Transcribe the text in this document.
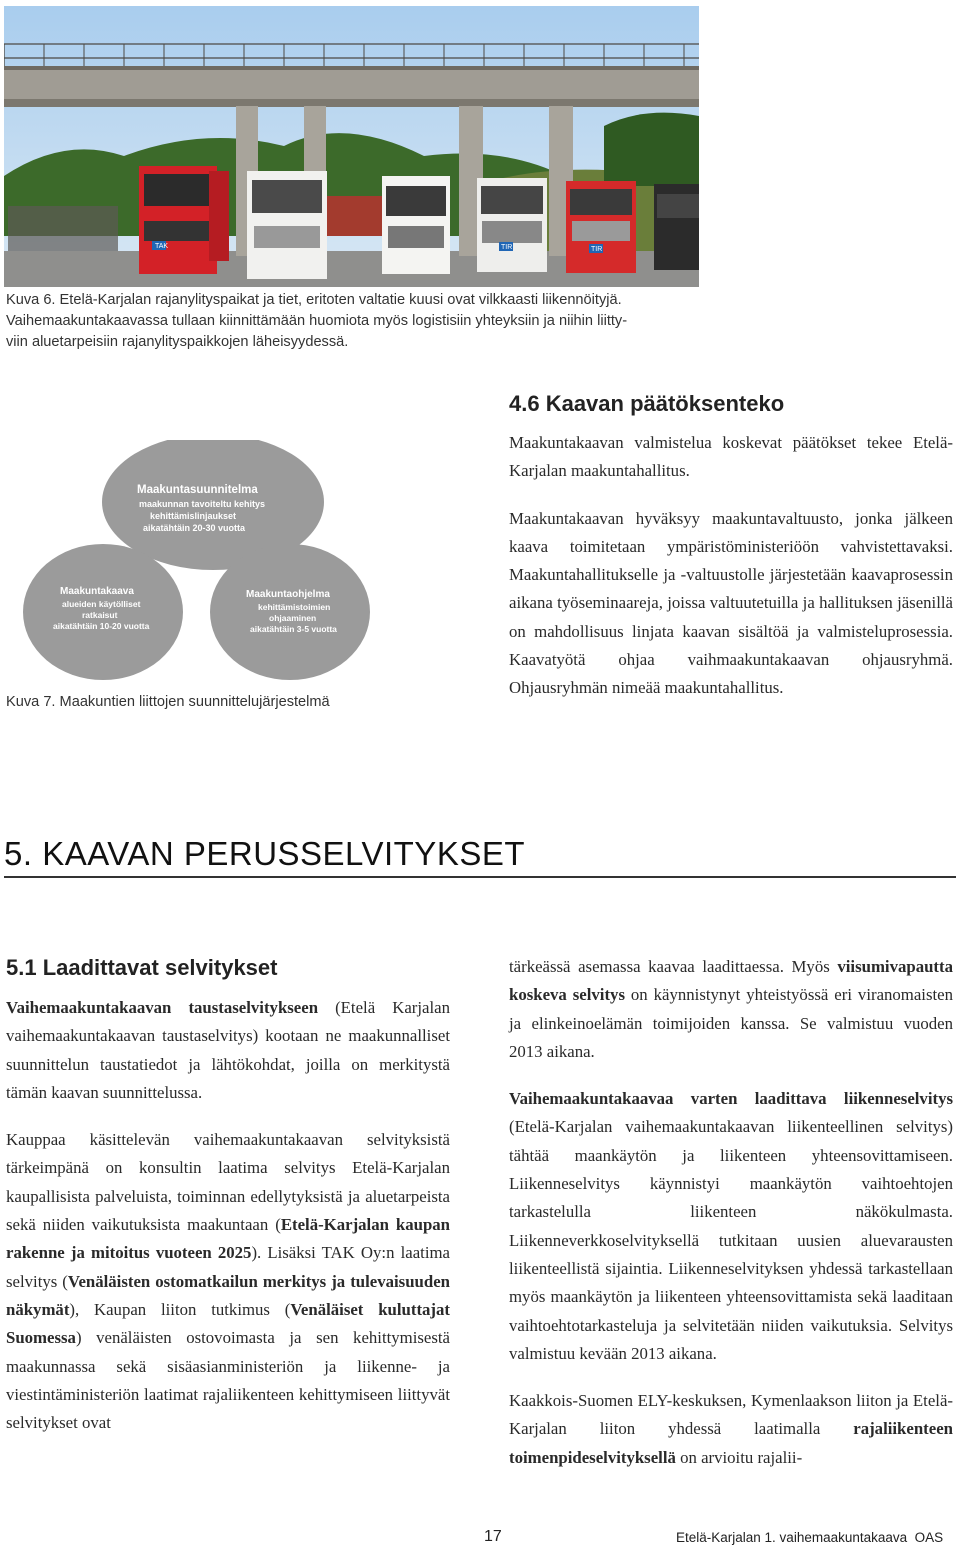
TAK	TIR	TIR

Kuva 6. Etelä-Karjalan rajanylityspaikat ja tiet, eritoten valtatie kuusi ovat vilkkaasti liikennöityjä.

Vaihemaakuntakaavassa tullaan kiinnittämään huomiota myös logistisiin yhteyksiin ja niihin liitty-

viin aluetarpeisiin rajanylityspaikkojen läheisyydessä.

Maakuntasuunnitelma
maakunnan tavoiteltu kehitys
kehittämislinjaukset
aikatähtäin 20-30 vuotta
Maakuntakaava
alueiden käytölliset
ratkaisut
aikatähtäin 10-20 vuotta
Maakuntaohjelma
kehittämistoimien
ohjaaminen
aikatähtäin 3-5 vuotta
Kuva 7. Maakuntien liittojen suunnittelujärjestelmä
4.6 Kaavan päätöksenteko

Maakuntakaavan valmistelua koskevat päätökset tekee Etelä-Karjalan maakuntahallitus.

Maakuntakaavan hyväksyy maakuntavaltuusto, jonka jälkeen kaava toimitetaan ympäristöministeriöön vahvistettavaksi. Maakuntahallitukselle ja -valtuustolle järjestetään kaavaprosessin aikana työseminaareja, joissa valtuutetuilla ja hallituksen jäsenillä on mahdollisuus linjata kaavan sisältöä ja valmisteluprosessia. Kaavatyötä ohjaa vaihmaakuntakaavan ohjausryhmä. Ohjausryhmän nimeää maakuntahallitus.

5. KAAVAN PERUSSELVITYKSET
5.1 Laadittavat selvitykset

Vaihemaakuntakaavan taustaselvitykseen (Etelä Karjalan vaihemaakuntakaavan taustaselvitys) kootaan ne maakunnalliset suunnittelun taustatiedot ja lähtökohdat, joilla on merkitystä tämän kaavan suunnittelussa.

Kauppaa käsittelevän vaihemaakuntakaavan selvityksistä tärkeimpänä on konsultin laatima selvitys Etelä-Karjalan kaupallisista palveluista, toiminnan edellytyksistä ja aluetarpeista sekä niiden vaikutuksista maakuntaan (Etelä-Karjalan kaupan rakenne ja mitoitus vuoteen 2025). Lisäksi TAK Oy:n laatima selvitys (Venäläisten ostomatkailun merkitys ja tulevaisuuden näkymät), Kaupan liiton tutkimus (Venäläiset kuluttajat Suomessa) venäläisten ostovoimasta ja sen kehittymisestä maakunnassa sekä sisäasianministeriön ja liikenne- ja viestintäministeriön laatimat rajaliikenteen kehittymiseen liittyvät selvitykset ovat

tärkeässä asemassa kaavaa laadittaessa. Myös viisumivapautta koskeva selvitys on käynnistynyt yhteistyössä eri viranomaisten ja elinkeinoelämän toimijoiden kanssa. Se valmistuu vuoden 2013 aikana.

Vaihemaakuntakaavaa varten laadittava liikenneselvitys (Etelä-Karjalan vaihemaakuntakaavan liikenteellinen selvitys) tähtää maankäytön ja liikenteen yhteensovittamiseen. Liikenneselvitys käynnistyi maankäytön vaihtoehtojen tarkastelulla liikenteen näkökulmasta. Liikenneverkkoselvityksellä tutkitaan uusien aluevarausten liikenteellistä sijaintia. Liikenneselvityksen yhdessä tarkastellaan myös maankäytön ja liikenteen yhteensovittamista sekä laaditaan vaihtoehtotarkasteluja ja selvitetään niiden vaikutuksia. Selvitys valmistuu kevään 2013 aikana.

Kaakkois-Suomen ELY-keskuksen, Kymenlaakson liiton ja Etelä-Karjalan liiton yhdessä laatimalla rajaliikenteen toimenpideselvityksellä on arvioitu rajalii-

17	Etelä-Karjalan 1. vaihemaakuntakaava  OAS
